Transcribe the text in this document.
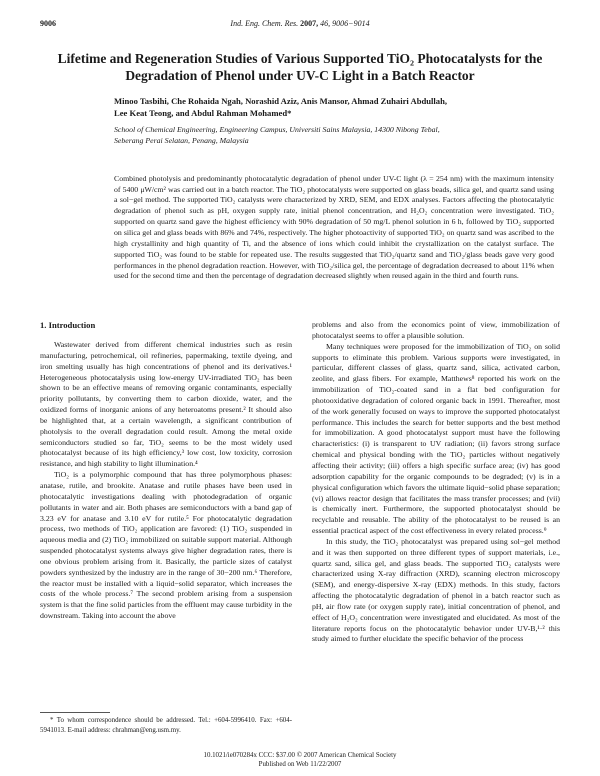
9006	Ind. Eng. Chem. Res. 2007, 46, 9006−9014
Lifetime and Regeneration Studies of Various Supported TiO₂ Photocatalysts for the Degradation of Phenol under UV-C Light in a Batch Reactor
Minoo Tasbihi, Che Rohaida Ngah, Norashid Aziz, Anis Mansor, Ahmad Zuhairi Abdullah,
Lee Keat Teong, and Abdul Rahman Mohamed*
School of Chemical Engineering, Engineering Campus, Universiti Sains Malaysia, 14300 Nibong Tebal,
Seberang Perai Selatan, Penang, Malaysia

Combined photolysis and predominantly photocatalytic degradation of phenol under UV-C light (λ = 254 nm) with the maximum intensity of 5400 μW/cm² was carried out in a batch reactor. The TiO₂ photocatalysts were supported on glass beads, silica gel, and quartz sand using a sol−gel method. The supported TiO₂ catalysts were characterized by XRD, SEM, and EDX analyses. Factors affecting the photocatalytic degradation of phenol such as pH, oxygen supply rate, initial phenol concentration, and H₂O₂ concentration were investigated. TiO₂ supported on quartz sand gave the highest efficiency with 90% degradation of 50 mg/L phenol solution in 6 h, followed by TiO₂ supported on silica gel and glass beads with 86% and 74%, respectively. The higher photoactivity of supported TiO₂ on quartz sand was ascribed to the high crystallinity and high quantity of Ti, and the absence of ions which could inhibit the crystallization on the catalyst surface. The supported TiO₂ was found to be stable for repeated use. The results suggested that TiO₂/quartz sand and TiO₂/glass beads gave very good performances in the phenol degradation reaction. However, with TiO₂/silica gel, the percentage of degradation decreased to about 11% when used for the second time and then the percentage of degradation decreased slightly when reused again in the third and fourth runs.

1. Introduction

Wastewater derived from different chemical industries such as resin manufacturing, petrochemical, oil refineries, papermaking, textile dyeing, and iron smelting usually has high concentrations of phenol and its derivatives.¹ Heterogeneous photocatalysis using low-energy UV-irradiated TiO₂ has been shown to be an effective means of removing organic contaminants, especially priority pollutants, by converting them to carbon dioxide, water, and the oxidized forms of inorganic anions of any heteroatoms present.² It should also be highlighted that, at a certain wavelength, a significant contribution of photolysis to the overall degradation could result. Among the metal oxide semiconductors studied so far, TiO₂ seems to be the most widely used photocatalyst because of its high efficiency,³ low cost, low toxicity, corrosion resistance, and high stability to light illumination.⁴

TiO₂ is a polymorphic compound that has three polymorphous phases: anatase, rutile, and brookite. Anatase and rutile phases have been used in photocatalytic investigations dealing with photodegradation of organic pollutants in water and air. Both phases are semiconductors with a band gap of 3.23 eV for anatase and 3.10 eV for rutile.⁵ For photocatalytic degradation process, two methods of TiO₂ application are favored: (1) TiO₂ suspended in aqueous media and (2) TiO₂ immobilized on suitable support material. Although suspended photocatalyst systems always give higher degradation rates, there is one obvious problem arising from it. Basically, the particle sizes of catalyst powders synthesized by the industry are in the range of 30−200 nm.⁶ Therefore, the reactor must be installed with a liquid−solid separator, which increases the costs of the whole process.⁷ The second problem arising from a suspension system is that the fine solid particles from the effluent may cause turbidity in the downstream. Taking into account the above

problems and also from the economics point of view, immobilization of photocatalyst seems to offer a plausible solution.

Many techniques were proposed for the immobilization of TiO₂ on solid supports to eliminate this problem. Various supports were investigated, in particular, different classes of glass, quartz sand, silica, activated carbon, zeolite, and glass fibers. For example, Matthews⁸ reported his work on the immobilization of TiO₂-coated sand in a flat bed configuration for photooxidative degradation of colored organic back in 1991. Thereafter, most of the work generally focused on ways to improve the supported photocatalyst performance. This includes the search for better supports and the best method for immobilization. A good photocatalyst support must have the following characteristics: (i) is transparent to UV radiation; (ii) favors strong surface chemical and physical bonding with the TiO₂ particles without negatively affecting their activity; (iii) offers a high specific surface area; (iv) has good adsorption capability for the organic compounds to be degraded; (v) is in a physical configuration which favors the ultimate liquid−solid phase separation; (vi) allows reactor design that facilitates the mass transfer processes; and (vii) is chemically inert. Furthermore, the supported photocatalyst should be recyclable and reusable. The ability of the photocatalyst to be reused is an essential practical aspect of the cost effectiveness in every related process.⁹

In this study, the TiO₂ photocatalyst was prepared using sol−gel method and it was then supported on three different types of support materials, i.e., quartz sand, silica gel, and glass beads. The supported TiO₂ catalysts were characterized using X-ray diffraction (XRD), scanning electron microscopy (SEM), and energy-dispersive X-ray (EDX) methods. In this study, factors affecting the photocatalytic degradation of phenol in a batch reactor such as pH, air flow rate (or oxygen supply rate), initial concentration of phenol, and effect of H₂O₂ concentration were investigated and elucidated. As most of the literature reports focus on the photocatalytic behavior under UV-B,¹·² this study aimed to further elucidate the specific behavior of the process

* To whom correspondence should be addressed. Tel.: +604-5996410. Fax: +604-5941013. E-mail address: chrahman@eng.usm.my.

10.1021/ie070284x CCC: $37.00 © 2007 American Chemical Society
Published on Web 11/22/2007
